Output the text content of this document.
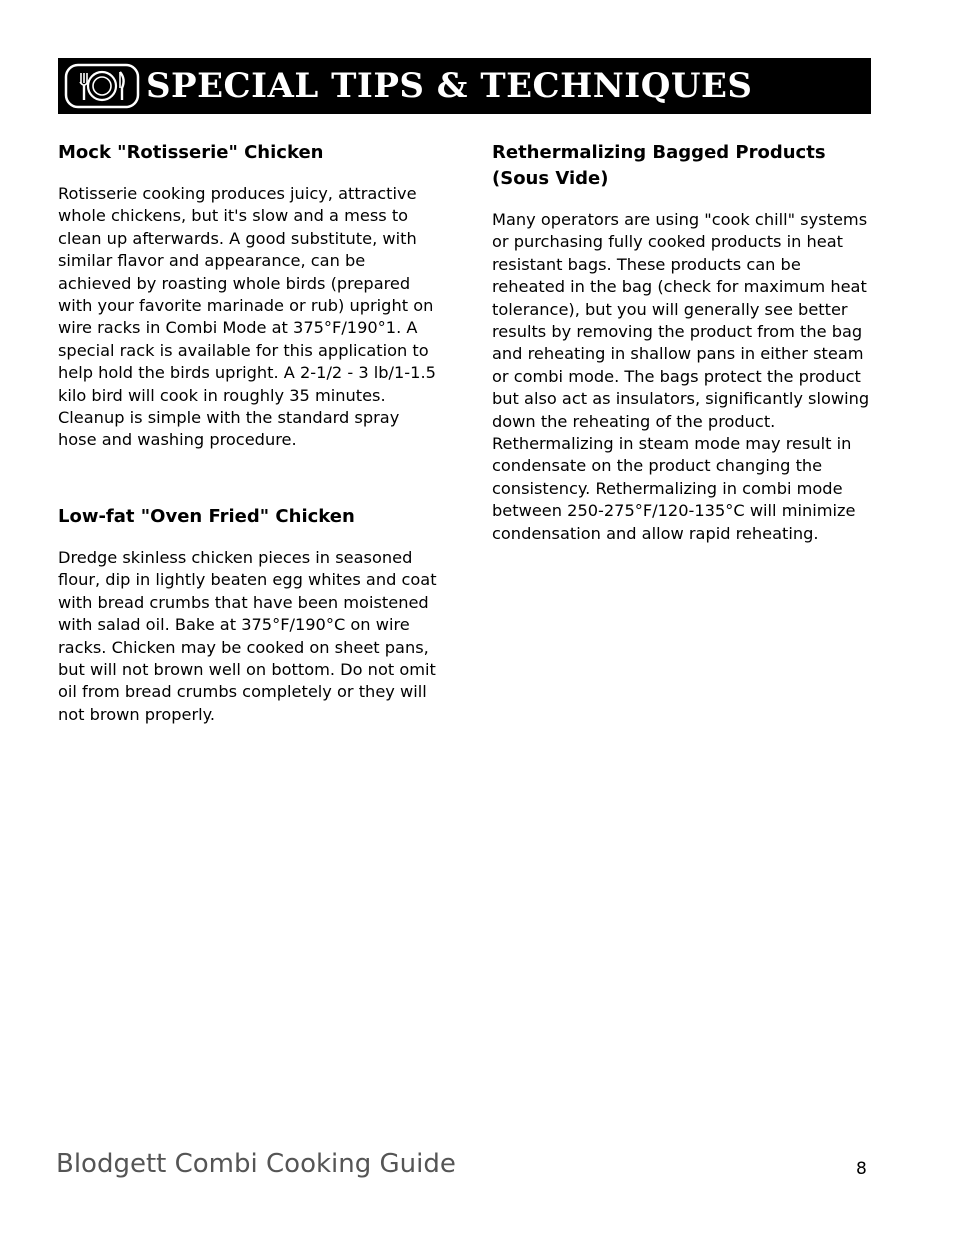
SPECIAL TIPS & TECHNIQUES
Mock "Rotisserie" Chicken

Rotisserie cooking produces juicy, attractive whole chickens, but it's slow and a mess to clean up afterwards. A good substitute, with similar flavor and appearance, can be achieved by roasting whole birds (prepared with your favorite marinade or rub) upright on wire racks in Combi Mode at 375°F/190°1. A special rack is available for this application to help hold the birds upright. A 2-1/2 - 3 lb/1-1.5 kilo bird will cook in roughly 35 minutes. Cleanup is simple with the standard spray hose and washing procedure.

Low-fat "Oven Fried" Chicken

Dredge skinless chicken pieces in seasoned flour, dip in lightly beaten egg whites and coat with bread crumbs that have been moistened with salad oil. Bake at 375°F/190°C on wire racks. Chicken may be cooked on sheet pans, but will not brown well on bottom. Do not omit oil from bread crumbs completely or they will not brown properly.

Rethermalizing Bagged Products (Sous Vide)

Many operators are using "cook chill" systems or purchasing fully cooked products in heat resistant bags. These products can be reheated in the bag (check for maximum heat tolerance), but you will generally see better results by removing the product from the bag and reheating in shallow pans in either steam or combi mode. The bags protect the product but also act as insulators, significantly slowing down the reheating of the product. Rethermalizing in steam mode may result in condensate on the product changing the consistency. Rethermalizing in combi mode between 250-275°F/120-135°C will minimize condensation and allow rapid reheating.

Blodgett Combi Cooking Guide	8
